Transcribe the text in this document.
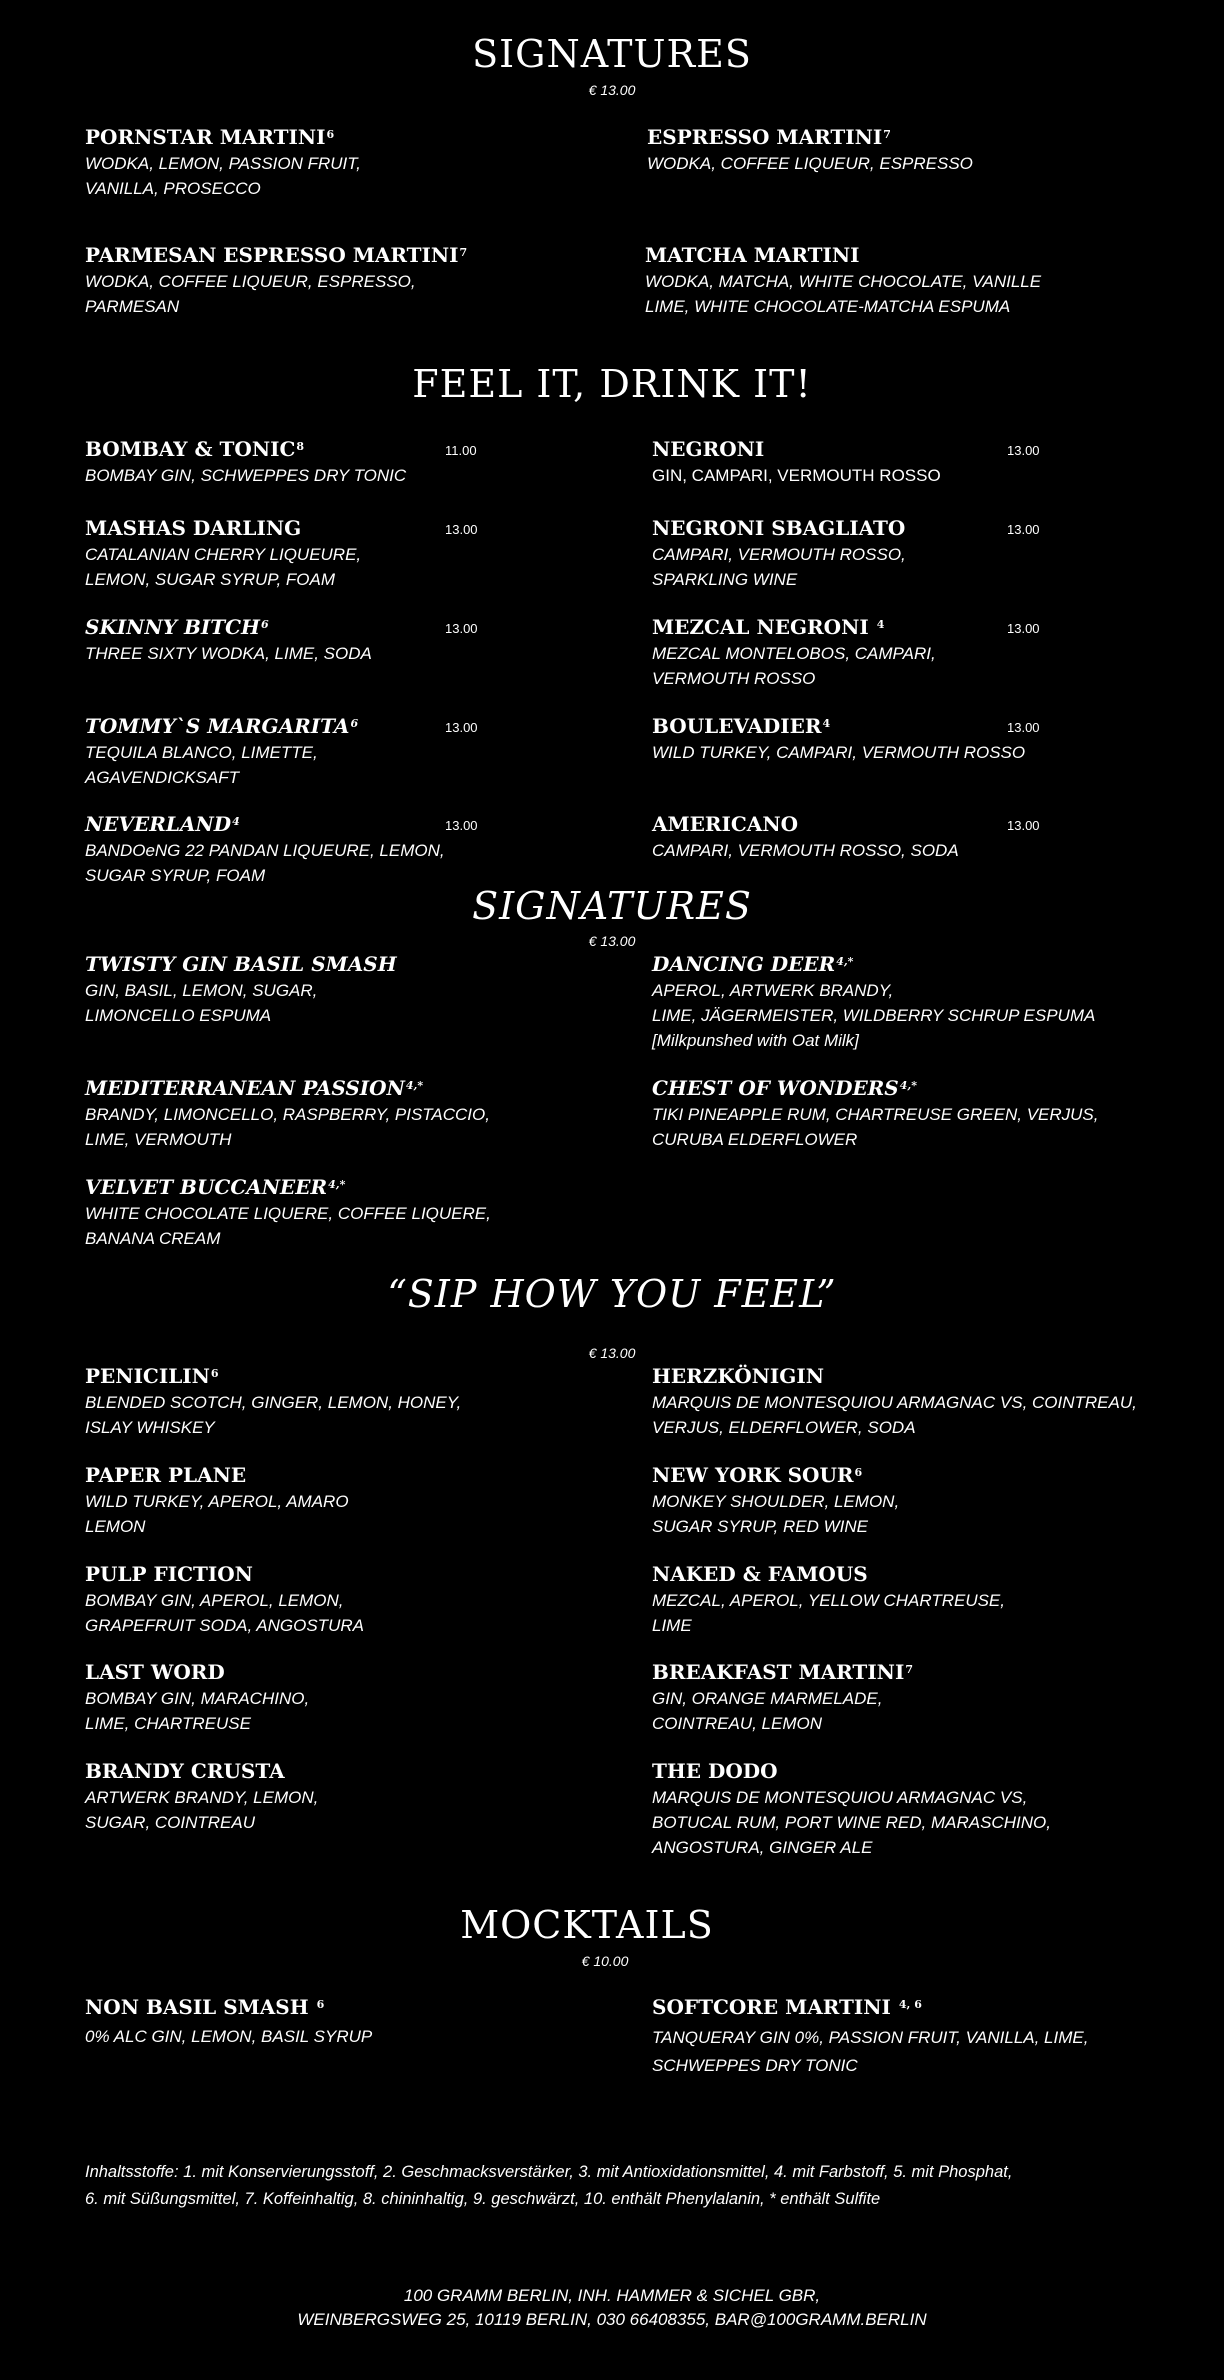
SIGNATURES
€ 13.00
PORNSTAR MARTINI$^6$
WODKA, LEMON, PASSION FRUIT,
VANILLA, PROSECCO
ESPRESSO MARTINI$^7$
WODKA, COFFEE LIQUEUR, ESPRESSO
PARMESAN ESPRESSO MARTINI$^7$
WODKA, COFFEE LIQUEUR, ESPRESSO,
PARMESAN
MATCHA MARTINI
WODKA, MATCHA, WHITE CHOCOLATE, VANILLE
LIME, WHITE CHOCOLATE-MATCHA ESPUMA
FEEL IT, DRINK IT!
BOMBAY & TONIC$^8$	11.00
BOMBAY GIN, SCHWEPPES DRY TONIC
NEGRONI	13.00
GIN, CAMPARI, VERMOUTH ROSSO
MASHAS DARLING	13.00
CATALANIAN CHERRY LIQUEURE,
LEMON, SUGAR SYRUP, FOAM
NEGRONI SBAGLIATO	13.00
CAMPARI, VERMOUTH ROSSO,
SPARKLING WINE
SKINNY BITCH$^6$	13.00
THREE SIXTY WODKA, LIME, SODA
MEZCAL NEGRONI $^4$	13.00
MEZCAL MONTELOBOS, CAMPARI,
VERMOUTH ROSSO
TOMMY`S MARGARITA$^6$	13.00
TEQUILA BLANCO, LIMETTE,
AGAVENDICKSAFT
BOULEVADIER$^4$	13.00
WILD TURKEY, CAMPARI, VERMOUTH ROSSO
NEVERLAND$^4$	13.00
BANDOeNG 22 PANDAN LIQUEURE, LEMON,
SUGAR SYRUP, FOAM
AMERICANO	13.00
CAMPARI, VERMOUTH ROSSO, SODA
SIGNATURES
€ 13.00
TWISTY GIN BASIL SMASH
GIN, BASIL, LEMON, SUGAR,
LIMONCELLO ESPUMA
DANCING $DEER^{4,*}$
APEROL, ARTWERK BRANDY,
LIME, JÄGERMEISTER, WILDBERRY SCHRUP ESPUMA
[Milkpunshed with Oat Milk]
MEDITERRANEAN $PASSION^{4,*}$
BRANDY, LIMONCELLO, RASPBERRY, PISTACCIO,
LIME, VERMOUTH
CHEST OF $WONDERS^{4,*}$
TIKI PINEAPPLE RUM, CHARTREUSE GREEN, VERJUS,
CURUBA ELDERFLOWER
VELVET $BUCCANEER^{4,*}$
WHITE CHOCOLATE LIQUERE, COFFEE LIQUERE,
BANANA CREAM
“SIP HOW YOU FEEL”
€ 13.00
PENICILIN$^6$
BLENDED SCOTCH, GINGER, LEMON, HONEY,
ISLAY WHISKEY
HERZKÖNIGIN
MARQUIS DE MONTESQUIOU ARMAGNAC VS, COINTREAU,
VERJUS, ELDERFLOWER, SODA
PAPER PLANE
WILD TURKEY, APEROL, AMARO
LEMON
NEW YORK SOUR$^6$
MONKEY SHOULDER, LEMON,
SUGAR SYRUP, RED WINE
PULP FICTION
BOMBAY GIN, APEROL, LEMON,
GRAPEFRUIT SODA, ANGOSTURA
NAKED & FAMOUS
MEZCAL, APEROL, YELLOW CHARTREUSE,
LIME
LAST WORD
BOMBAY GIN, MARACHINO,
LIME, CHARTREUSE
BREAKFAST MARTINI$^7$
GIN, ORANGE MARMELADE,
COINTREAU, LEMON
BRANDY CRUSTA
ARTWERK BRANDY, LEMON,
SUGAR, COINTREAU
THE DODO
MARQUIS DE MONTESQUIOU ARMAGNAC VS,
BOTUCAL RUM, PORT WINE RED, MARASCHINO,
ANGOSTURA, GINGER ALE
MOCKTAILS
€ 10.00
NON BASIL SMASH $^6$
0% ALC GIN, LEMON, BASIL SYRUP
SOFTCORE MARTINI $^{4, 6}$
TANQUERAY GIN 0%, PASSION FRUIT, VANILLA, LIME,
SCHWEPPES DRY TONIC
Inhaltsstoffe: 1. mit Konservierungsstoff, 2. Geschmacksverstärker, 3. mit Antioxidationsmittel, 4. mit Farbstoff, 5. mit Phosphat,
6. mit Süßungsmittel, 7. Koffeinhaltig, 8. chininhaltig, 9. geschwärzt, 10. enthält Phenylalanin, * enthält Sulfite
100 GRAMM BERLIN, INH. HAMMER & SICHEL GBR,
WEINBERGSWEG 25, 10119 BERLIN, 030 66408355, BAR@100GRAMM.BERLIN
